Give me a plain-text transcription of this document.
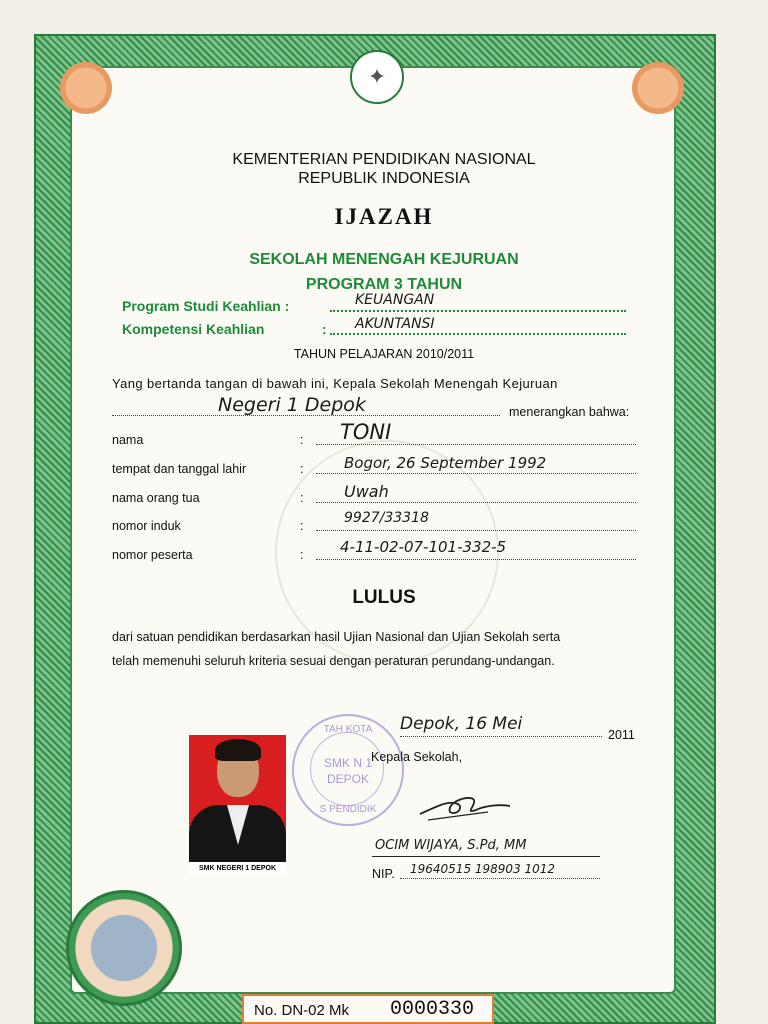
✦
KEMENTERIAN PENDIDIKAN NASIONAL
REPUBLIK INDONESIA
IJAZAH
SEKOLAH MENENGAH KEJURUAN
PROGRAM 3 TAHUN
Program Studi Keahlian :	KEUANGAN
Kompetensi Keahlian	: AKUNTANSI
TAHUN PELAJARAN 2010/2011
Yang bertanda tangan di bawah ini, Kepala Sekolah Menengah Kejuruan
Negeri 1 Depok	menerangkan bahwa:
nama	: TONI
tempat dan tanggal lahir	:	Bogor, 26 September 1992
nama orang tua	:	Uwah
nomor induk	:	9927/33318
nomor peserta	: 4-11-02-07-101-332-5
LULUS
dari satuan pendidikan berdasarkan hasil Ujian Nasional dan Ujian Sekolah serta
telah memenuhi seluruh kriteria sesuai dengan peraturan perundang-undangan.
SMK NEGERI 1 DEPOK
TAH KOTA
SMK N 1
DEPOK
S PENDIDIK
Depok, 16 Mei
2011
Kepala Sekolah,
OCIM WIJAYA, S.Pd, MM
NIP. 19640515 198903 1012
No. DN-02 Mk 0000330
